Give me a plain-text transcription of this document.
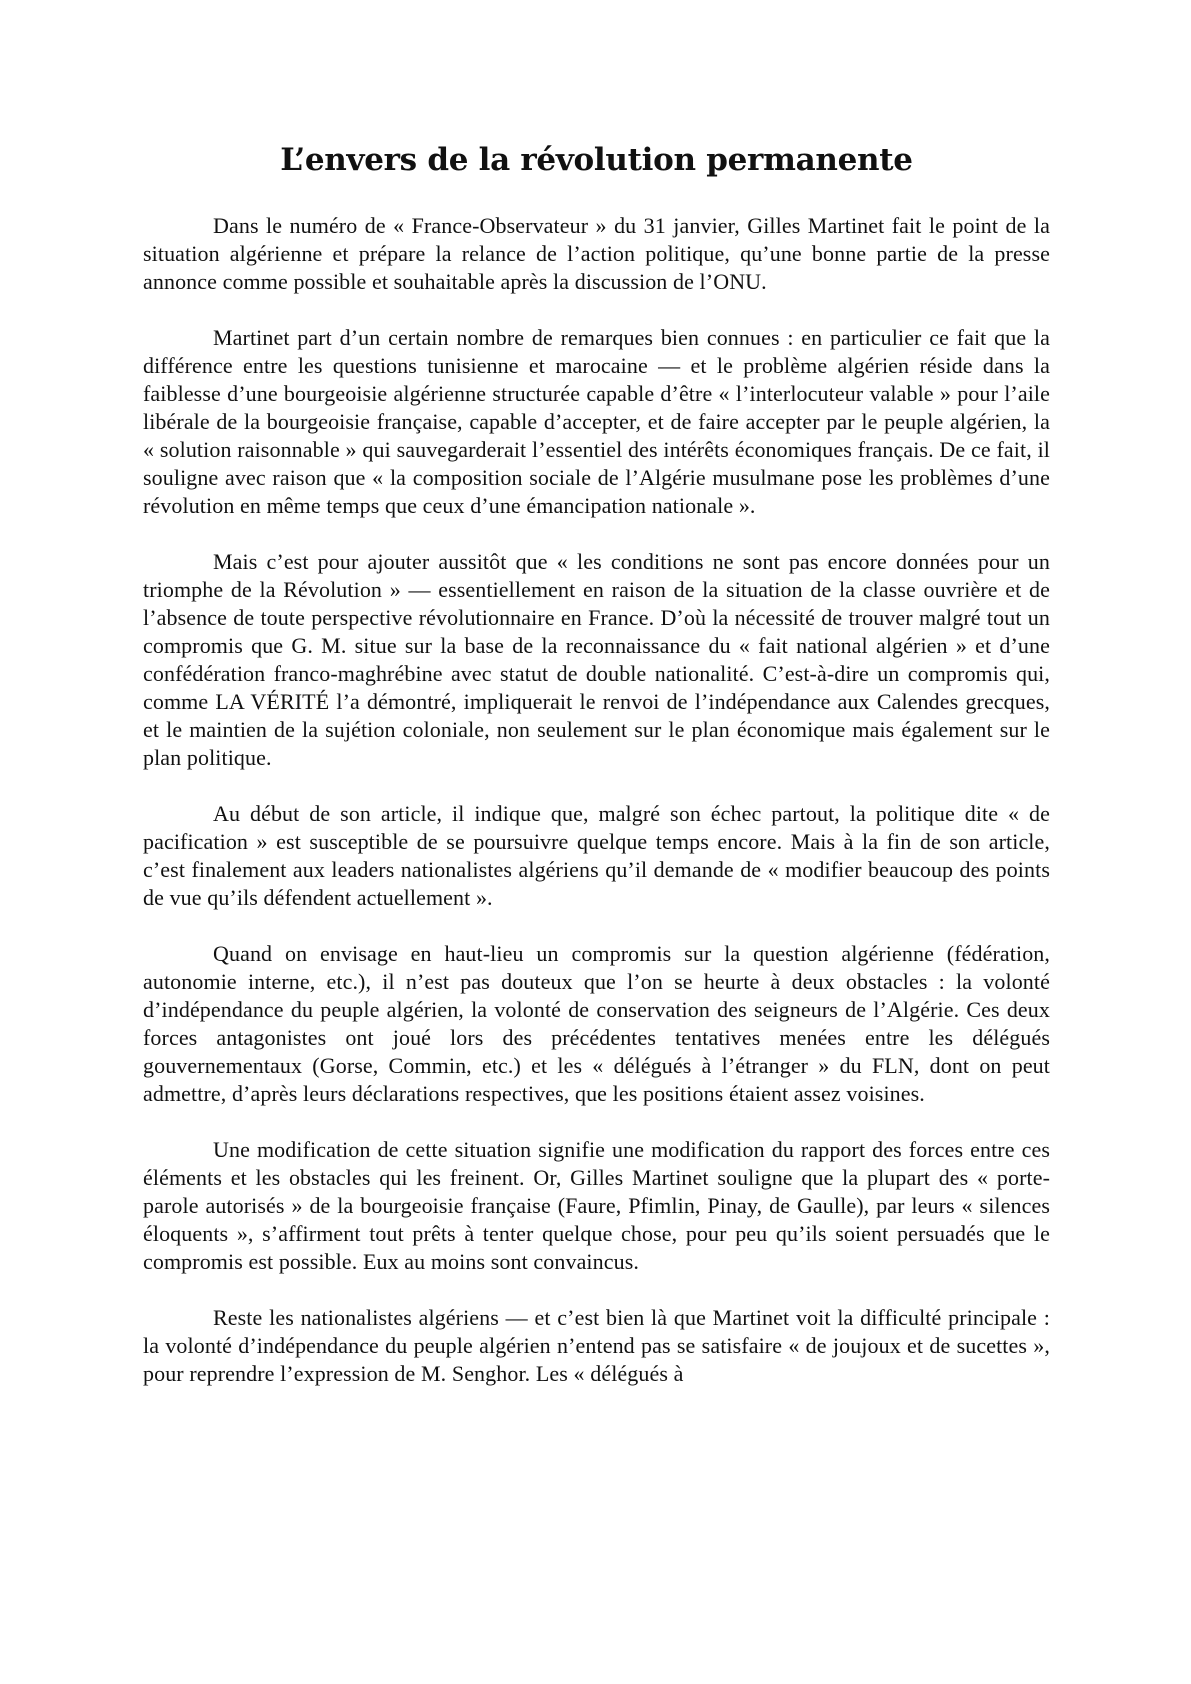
L’envers de la révolution permanente

Dans le numéro de « France-Observateur » du 31 janvier, Gilles Martinet fait le point de la situation algérienne et prépare la relance de l’action politique, qu’une bonne partie de la presse annonce comme possible et souhaitable après la discussion de l’ONU.

Martinet part d’un certain nombre de remarques bien connues : en particulier ce fait que la différence entre les questions tunisienne et marocaine — et le problème algérien réside dans la faiblesse d’une bourgeoisie algérienne structurée capable d’être « l’interlocuteur valable » pour l’aile libérale de la bourgeoisie française, capable d’accepter, et de faire accepter par le peuple algérien, la « solution raisonnable » qui sauvegarderait l’essentiel des intérêts économiques français. De ce fait, il souligne avec raison que « la composition sociale de l’Algérie musulmane pose les problèmes d’une révolution en même temps que ceux d’une émancipation nationale ».

Mais c’est pour ajouter aussitôt que « les conditions ne sont pas encore données pour un triomphe de la Révolution » — essentiellement en raison de la situation de la classe ouvrière et de l’absence de toute perspective révolutionnaire en France. D’où la nécessité de trouver malgré tout un compromis que G. M. situe sur la base de la reconnaissance du « fait national algérien » et d’une confédération franco-maghrébine avec statut de double nationalité. C’est-à-dire un compromis qui, comme LA VÉRITÉ l’a démontré, impliquerait le renvoi de l’indépendance aux Calendes grecques, et le maintien de la sujétion coloniale, non seulement sur le plan économique mais également sur le plan politique.

Au début de son article, il indique que, malgré son échec partout, la politique dite « de pacification » est susceptible de se poursuivre quelque temps encore. Mais à la fin de son article, c’est finalement aux leaders nationalistes algériens qu’il demande de « modifier beaucoup des points de vue qu’ils défendent actuellement ».

Quand on envisage en haut-lieu un compromis sur la question algérienne (fédération, autonomie interne, etc.), il n’est pas douteux que l’on se heurte à deux obstacles : la volonté d’indépendance du peuple algérien, la volonté de conservation des seigneurs de l’Algérie. Ces deux forces antagonistes ont joué lors des précédentes tentatives menées entre les délégués gouvernementaux (Gorse, Commin, etc.) et les « délégués à l’étranger » du FLN, dont on peut admettre, d’après leurs déclarations respectives, que les positions étaient assez voisines.

Une modification de cette situation signifie une modification du rapport des forces entre ces éléments et les obstacles qui les freinent. Or, Gilles Martinet souligne que la plupart des « porte-parole autorisés » de la bourgeoisie française (Faure, Pfimlin, Pinay, de Gaulle), par leurs « silences éloquents », s’affirment tout prêts à tenter quelque chose, pour peu qu’ils soient persuadés que le compromis est possible. Eux au moins sont convaincus.

Reste les nationalistes algériens — et c’est bien là que Martinet voit la difficulté principale : la volonté d’indépendance du peuple algérien n’entend pas se satisfaire « de joujoux et de sucettes », pour reprendre l’expression de M. Senghor. Les « délégués à
